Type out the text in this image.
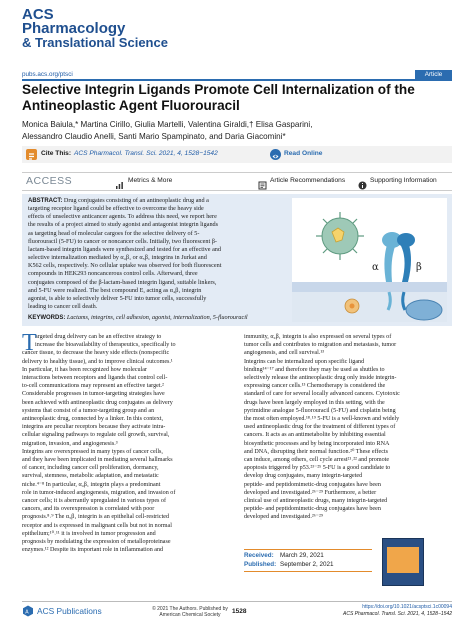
ACS
Pharmacology
& Translational Science
pubs.acs.org/ptsci	Article
Selective Integrin Ligands Promote Cell Internalization of the
Antineoplastic Agent Fluorouracil
Monica Baiula,* Martina Cirillo, Giulia Martelli, Valentina Giraldi,† Elisa Gasparini,
Alessandro Claudio Anelli, Santi Mario Spampinato, and Daria Giacomini*
Cite This: ACS Pharmacol. Transl. Sci. 2021, 4, 1528−1542	Read Online
ACCESS	Metrics & More	Article Recommendations	Supporting Information
ABSTRACT: Drug conjugates consisting of an antineoplastic drug and a
targeting receptor ligand could be effective to overcome the heavy side
effects of unselective anticancer agents. To address this need, we report here
the results of a project aimed to study agonist and antagonist integrin ligands
as targeting head of molecular cargoes for the selective delivery of 5-
fluorouracil (5-FU) to cancer or noncancer cells. Initially, two fluorescent β-
lactam-based integrin ligands were synthesized and tested for an effective and
selective internalization mediated by α₄β₁ or α₅β₁ integrins in Jurkat and
K562 cells, respectively. No cellular uptake was observed for both fluorescent
compounds in HEK293 noncancerous control cells. Afterward, three
conjugates composed of the β-lactam-based integrin ligand, suitable linkers,
and 5-FU were realized. The best compound E, acting as α₄β₁ integrin
agonist, is able to selectively deliver 5-FU into tumor cells, successfully
leading to cancer cell death.
α	β
KEYWORDS: Lactams, integrins, cell adhesion, agonist, internalization, 5-fluorouracil
T
argeted drug delivery can be an effective strategy to
increase the bioavailability of therapeutics, specifically to
cancer tissue, to decrease the heavy side effects (nonspecific
delivery to healthy tissue), and to improve clinical outcomes.¹
In particular, it has been recognized how molecular
interactions between receptors and ligands that control cell-
to-cell communications may represent an effective target.²
Considerable progresses in tumor-targeting strategies have
been achieved with antineoplastic drug conjugates as delivery
systems that consist of a tumor-targeting group and an
antineoplastic drug, connected by a linker. In this context,
integrins are peculiar receptors because they activate intra-
cellular signaling pathways to regulate cell growth, survival,
migration, invasion, and angiogenesis.³
Integrins are overexpressed in many types of cancer cells,
and they have been implicated in mediating several hallmarks
of cancer, including cancer cell proliferation, dormancy,
survival, stemness, metabolic adaptation, and metastatic
niche.⁴⁻⁸ In particular, α₄β₁ integrin plays a predominant
role in tumor-induced angiogenesis, migration, and invasion of
cancer cells; it is aberrantly upregulated in various types of
cancers, and its overexpression is correlated with poor
prognosis.⁸˒⁹ The α₅β₁ integrin is an epithelial cell-restricted
receptor and is expressed in malignant cells but not in normal
epithelium;¹⁰˒¹¹ it is involved in tumor progression and
prognosis by modulating the expression of metalloproteinase
enzymes.¹² Despite its important role in inflammation and
immunity, α₄β₁ integrin is also expressed on several types of
tumor cells and contributes to migration and metastasis, tumor
angiogenesis, and cell survival.¹³
Integrins can be internalized upon specific ligand
binding¹⁴⁻¹⁷ and therefore they may be used as shuttles to
selectively release the antineoplastic drug only inside integrin-
expressing cancer cells.¹³ Chemotherapy is considered the
standard of care for several locally advanced cancers. Cytotoxic
drugs have been largely employed in this setting, with the
pyrimidine analogue 5-fluorouracil (5-FU) and cisplatin being
the most often employed.¹⁸˒¹⁹ 5-FU is a well-known and widely
used antineoplastic drug for the treatment of different types of
cancers. It acts as an antimetabolite by inhibiting essential
biosynthetic processes and by being incorporated into RNA
and DNA, disrupting their normal function.²⁰ These effects
can induce, among others, cell cycle arrest²¹˒²² and promote
apoptosis triggered by p53.²³⁻²⁵ 5-FU is a good candidate to
develop drug conjugates, many integrin-targeted
peptide- and peptidomimetic-drug conjugates have been
developed and investigated.²⁶⁻²⁹ Furthermore, a better
clinical use of antineoplastic drugs, many integrin-targeted
peptide- and peptidomimetic-drug conjugates have been
developed and investigated.²⁶⁻²⁹
Received: March 29, 2021
Published: September 2, 2021
A ACS Publications	© 2021 The Authors. Published by
American Chemical Society
1528
https://doi.org/10.1021/acsptsci.1c00094
ACS Pharmacol. Transl. Sci. 2021, 4, 1528−1542
